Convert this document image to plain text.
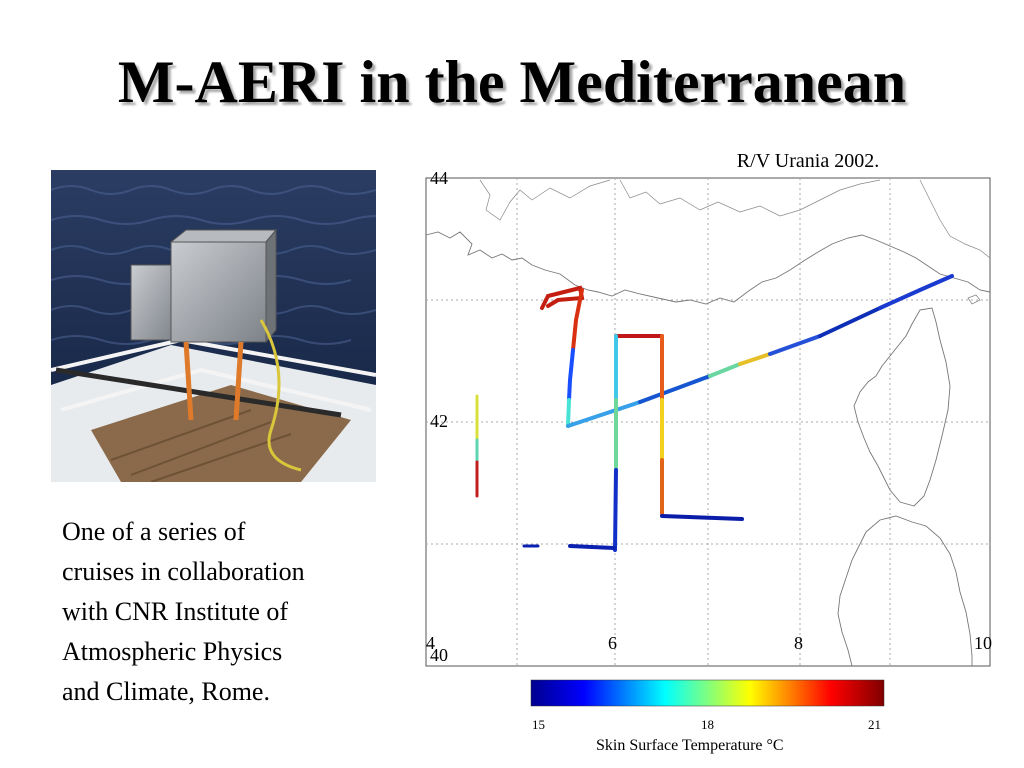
M-AERI in the Mediterranean
One of a series of
cruises in collaboration
with CNR Institute of
Atmospheric Physics
and Climate, Rome.
R/V Urania 2002.
44
42
40
4	6	8	10
15	18	21
Skin Surface Temperature °C
